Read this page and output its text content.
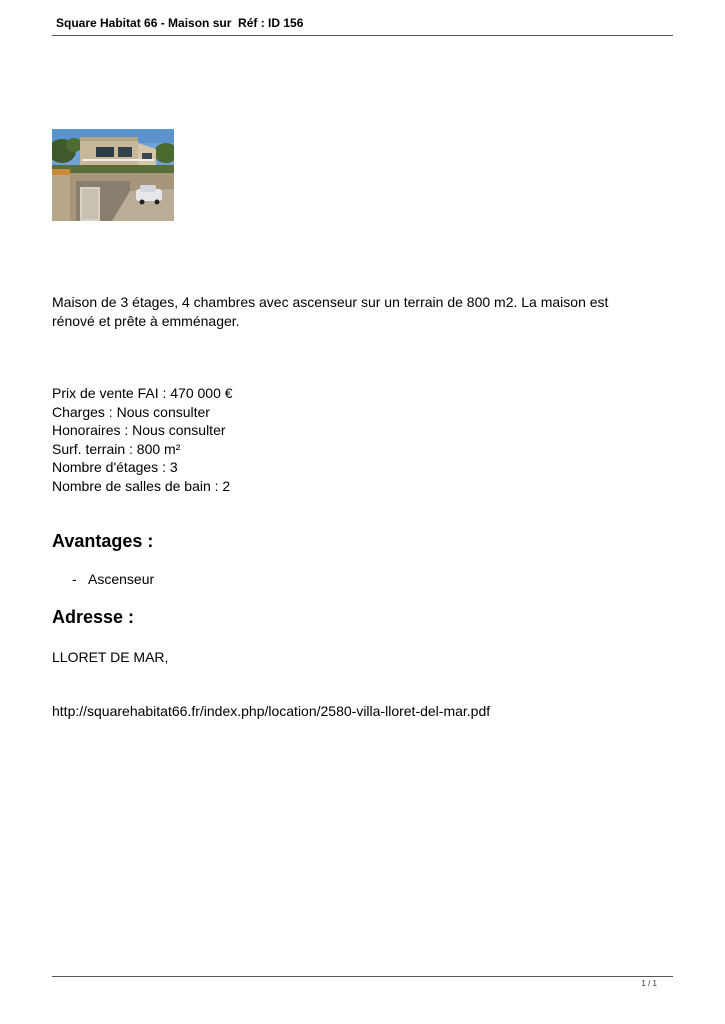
Square Habitat 66 - Maison sur  Réf : ID 156
Maison de 3 étages, 4 chambres avec ascenseur sur un terrain de 800 m2. La maison est rénové et prête à emménager.
Prix de vente FAI : 470 000 €
Charges : Nous consulter
Honoraires : Nous consulter
Surf. terrain : 800 m²
Nombre d'étages : 3
Nombre de salles de bain : 2
Avantages :
- Ascenseur
Adresse :
LLORET DE MAR,
http://squarehabitat66.fr/index.php/location/2580-villa-lloret-del-mar.pdf
1 / 1
